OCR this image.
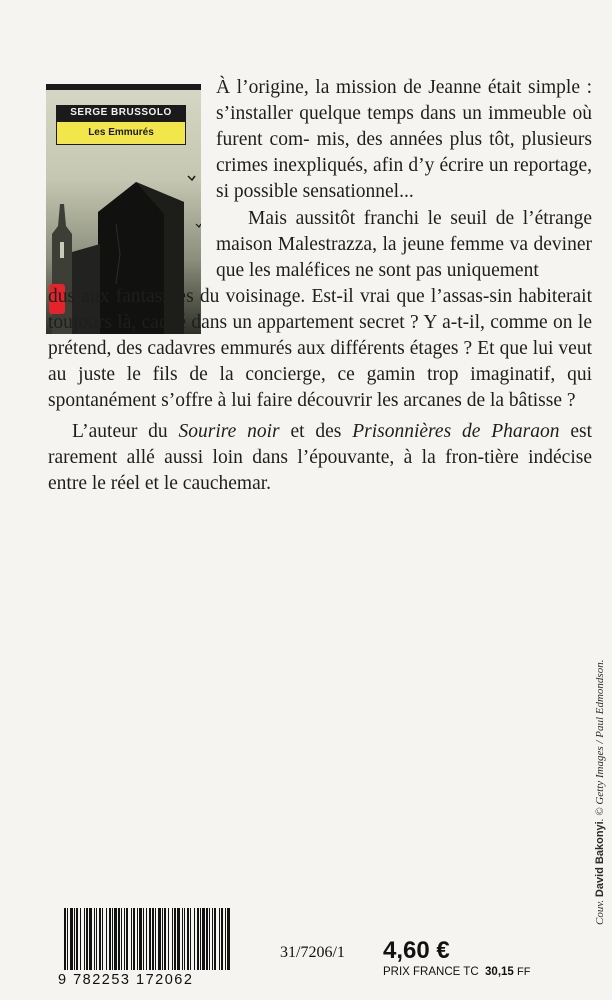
SERGE BRUSSOLO
Les Emmurés

À l’origine, la mission de Jeanne était simple : s’installer quelque temps dans un immeuble où furent com- mis, des années plus tôt, plusieurs crimes inexpliqués, afin d’y écrire un reportage, si possible sensationnel...

Mais aussitôt franchi le seuil de l’étrange maison Malestrazza, la jeune femme va deviner que les maléfices ne sont pas uniquement

dus aux fantasmes du voisinage. Est-il vrai que l’assas-sin habiterait toujours là, caché dans un appartement secret ? Y a-t-il, comme on le prétend, des cadavres emmurés aux différents étages ? Et que lui veut au juste le fils de la concierge, ce gamin trop imaginatif, qui spontanément s’offre à lui faire découvrir les arcanes de la bâtisse ?

L’auteur du Sourire noir et des Prisonnières de Pharaon est rarement allé aussi loin dans l’épouvante, à la fron-tière indécise entre le réel et le cauchemar.

Couv. David Bakonyi. © Getty Images / Paul Edmondson.
9 782253 172062
31/7206/1 4,60 €
PRIX FRANCE TC 30,15 FF
